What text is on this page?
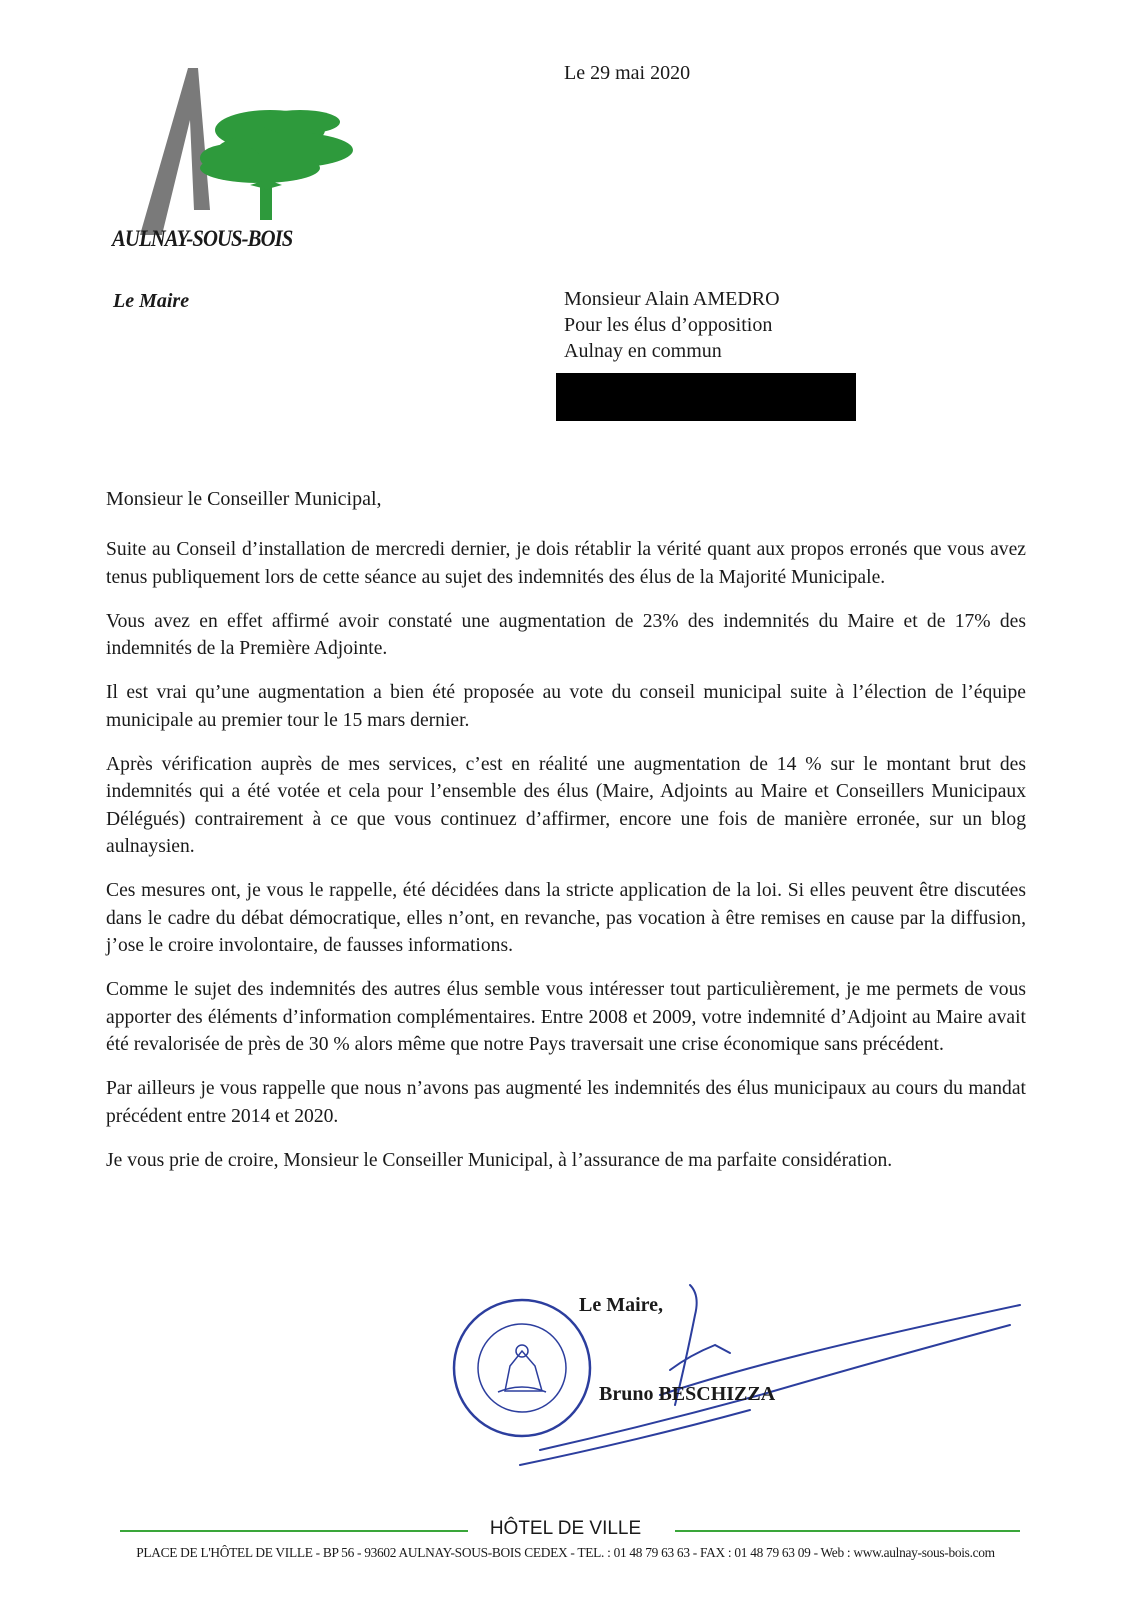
AULNAY-SOUS-BOIS
Le Maire
Le 29 mai 2020
Monsieur Alain AMEDRO
Pour les élus d’opposition
Aulnay en commun
Monsieur le Conseiller Municipal,

Suite au Conseil d’installation de mercredi dernier, je dois rétablir la vérité quant aux propos erronés que vous avez tenus publiquement lors de cette séance au sujet des indemnités des élus de la Majorité Municipale.

Vous avez en effet affirmé avoir constaté une augmentation de 23% des indemnités du Maire et de 17% des indemnités de la Première Adjointe.

Il est vrai qu’une augmentation a bien été proposée au vote du conseil municipal suite à l’élection de l’équipe municipale au premier tour le 15 mars dernier.

Après vérification auprès de mes services, c’est en réalité une augmentation de 14 % sur le montant brut des indemnités qui a été votée et cela pour l’ensemble des élus (Maire, Adjoints au Maire et Conseillers Municipaux Délégués) contrairement à ce que vous continuez d’affirmer, encore une fois de manière erronée, sur un blog aulnaysien.

Ces mesures ont, je vous le rappelle, été décidées dans la stricte application de la loi. Si elles peuvent être discutées dans le cadre du débat démocratique, elles n’ont, en revanche, pas vocation à être remises en cause par la diffusion, j’ose le croire involontaire, de fausses informations.

Comme le sujet des indemnités des autres élus semble vous intéresser tout particulièrement, je me permets de vous apporter des éléments d’information complémentaires. Entre 2008 et 2009, votre indemnité d’Adjoint au Maire avait été revalorisée de près de 30 % alors même que notre Pays traversait une crise économique sans précédent.

Par ailleurs je vous rappelle que nous n’avons pas augmenté les indemnités des élus municipaux au cours du mandat précédent entre 2014 et 2020.

Je vous prie de croire, Monsieur le Conseiller Municipal, à l’assurance de ma parfaite considération.

Le Maire,
Bruno BESCHIZZA
HÔTEL DE VILLE
PLACE DE L'HÔTEL DE VILLE - BP 56 - 93602 AULNAY-SOUS-BOIS CEDEX - TEL. : 01 48 79 63 63 - FAX : 01 48 79 63 09 - Web : www.aulnay-sous-bois.com
